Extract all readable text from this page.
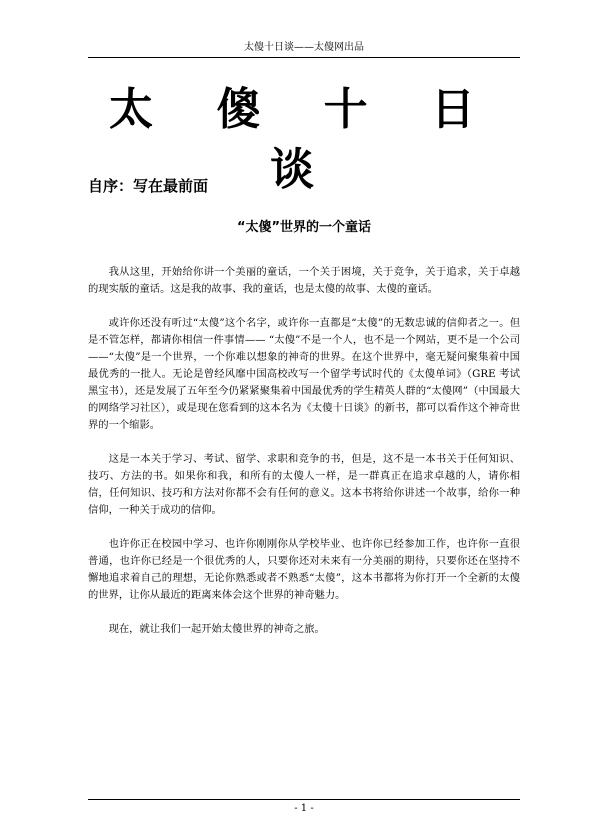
太傻十日谈——太傻网出品
太 傻 十 日 谈
自序：写在最前面
“太傻”世界的一个童话

我从这里，开始给你讲一个美丽的童话，一个关于困境，关于竞争，关于追求，关于卓越的现实版的童话。这是我的故事、我的童话，也是太傻的故事、太傻的童话。

或许你还没有听过“太傻”这个名字，或许你一直都是“太傻”的无数忠诚的信仰者之一。但是不管怎样，都请你相信一件事情—— “太傻”不是一个人，也不是一个网站，更不是一个公司——“太傻”是一个世界，一个你难以想象的神奇的世界。在这个世界中，毫无疑问聚集着中国最优秀的一批人。无论是曾经风靡中国高校改写一个留学考试时代的《太傻单词》（GRE 考试黑宝书），还是发展了五年至今仍紧紧聚集着中国最优秀的学生精英人群的“太傻网”（中国最大的网络学习社区），或是现在您看到的这本名为《太傻十日谈》的新书，都可以看作这个神奇世界的一个缩影。

这是一本关于学习、考试、留学、求职和竞争的书，但是，这不是一本书关于任何知识、技巧、方法的书。如果你和我，和所有的太傻人一样，是一群真正在追求卓越的人，请你相信，任何知识、技巧和方法对你都不会有任何的意义。这本书将给你讲述一个故事，给你一种信仰，一种关于成功的信仰。

也许你正在校园中学习、也许你刚刚你从学校毕业、也许你已经参加工作，也许你一直很普通，也许你已经是一个很优秀的人，只要你还对未来有一分美丽的期待，只要你还在坚持不懈地追求着自己的理想，无论你熟悉或者不熟悉“太傻”，这本书都将为你打开一个全新的太傻的世界，让你从最近的距离来体会这个世界的神奇魅力。

现在，就让我们一起开始太傻世界的神奇之旅。

- 1 -
